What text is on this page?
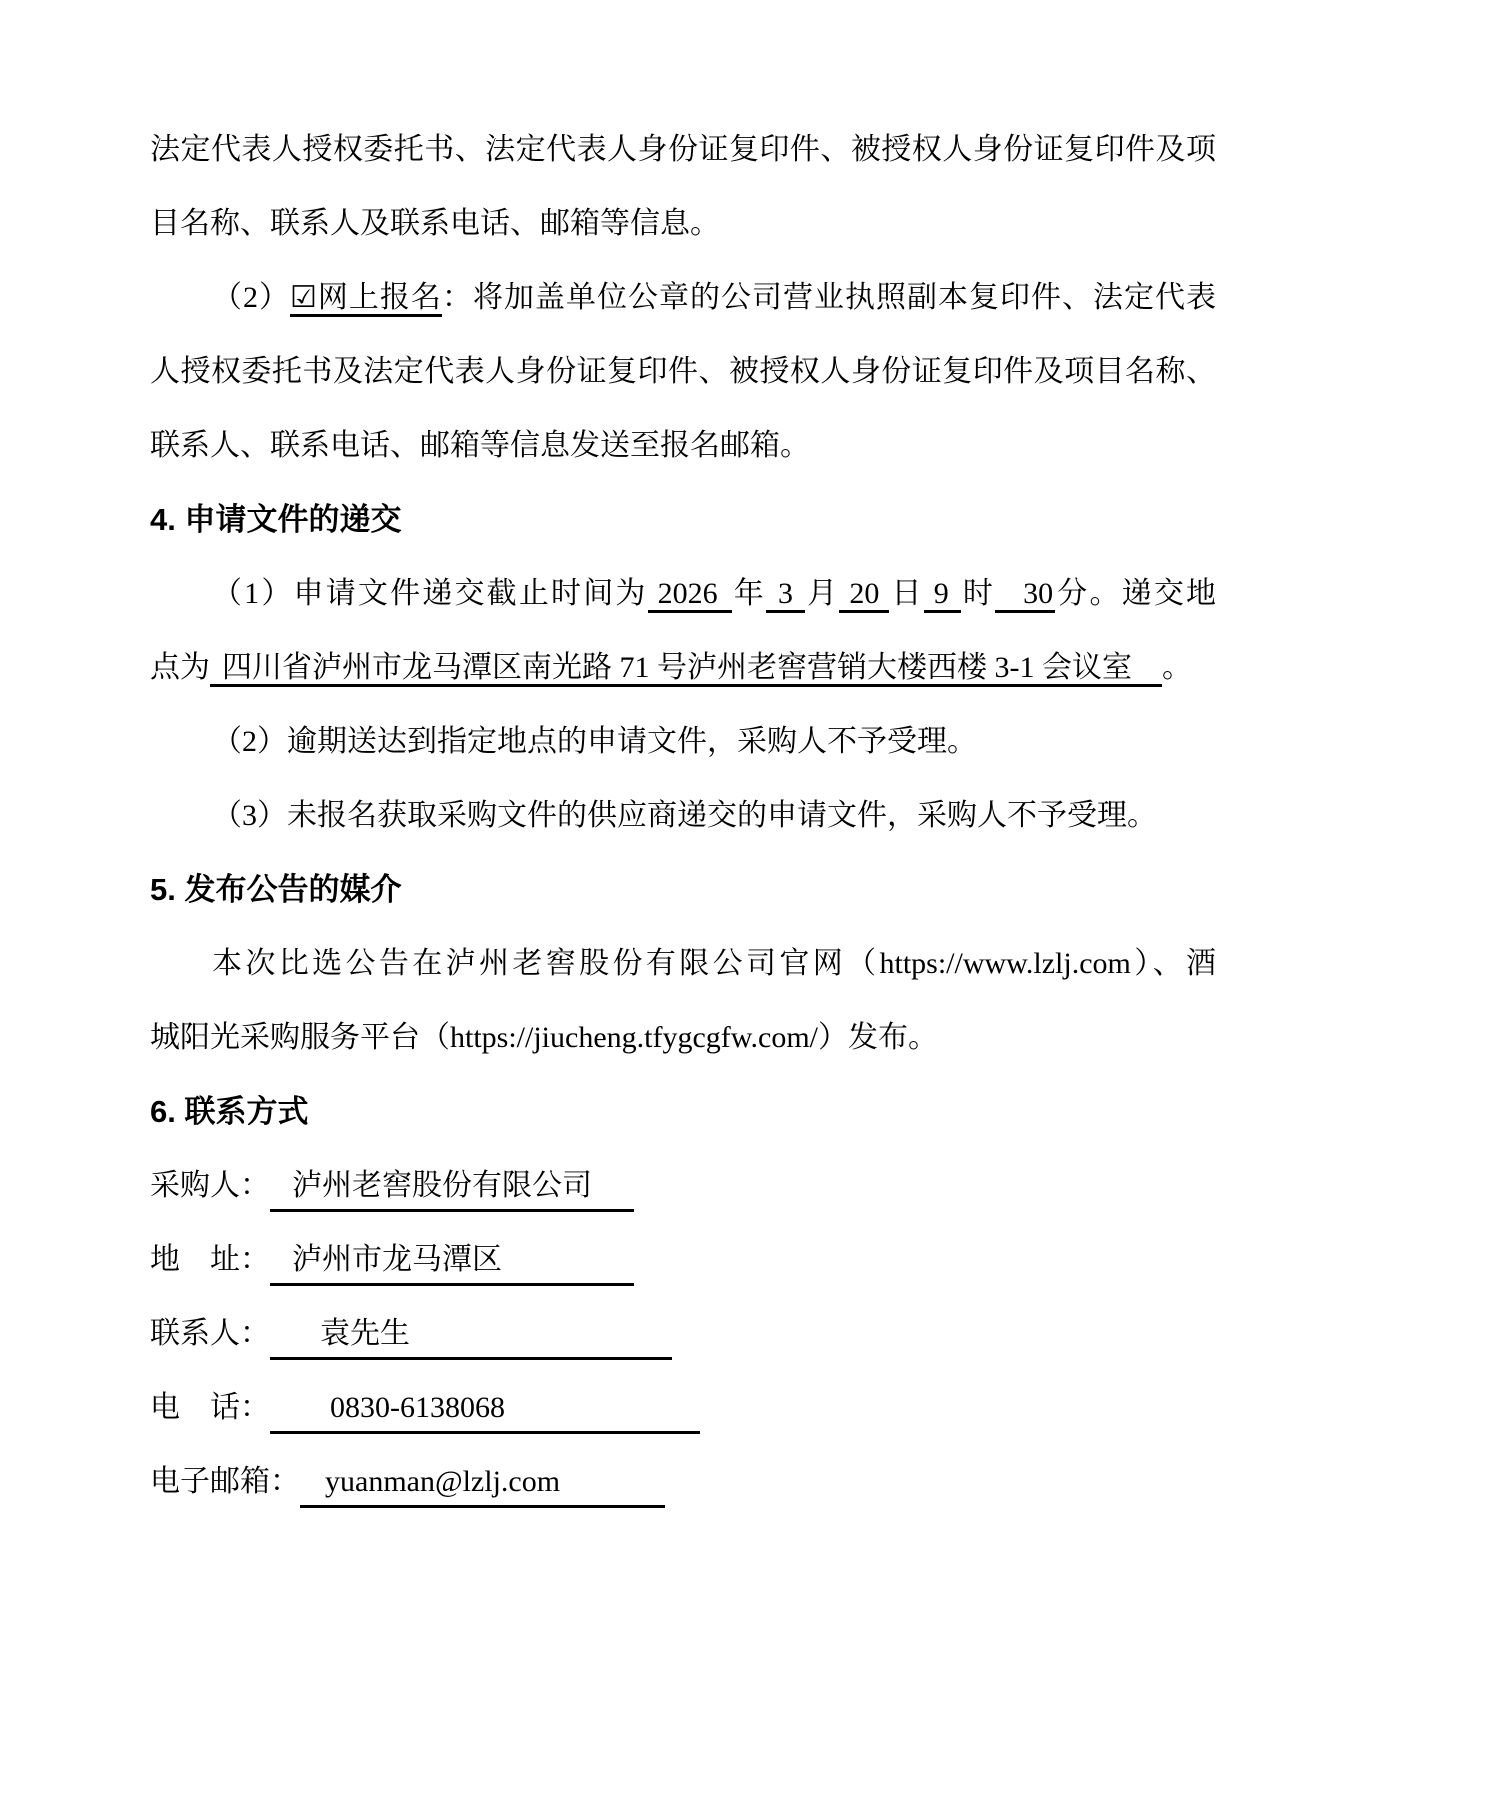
法定代表人授权委托书、法定代表人身份证复印件、被授权人身份证复印件及项
目名称、联系人及联系电话、邮箱等信息。
（2）☑网上报名：将加盖单位公章的公司营业执照副本复印件、法定代表
人授权委托书及法定代表人身份证复印件、被授权人身份证复印件及项目名称、
联系人、联系电话、邮箱等信息发送至报名邮箱。
4. 申请文件的递交
（1）申请文件递交截止时间为 2026 年 3 月 20 日 9 时 30分。递交地
点为 四川省泸州市龙马潭区南光路 71 号泸州老窖营销大楼西楼 3-1 会议室 。
（2）逾期送达到指定地点的申请文件，采购人不予受理。
（3）未报名获取采购文件的供应商递交的申请文件，采购人不予受理。
5. 发布公告的媒介
本次比选公告在泸州老窖股份有限公司官网（https://www.lzlj.com）、酒
城阳光采购服务平台（https://jiucheng.tfygcgfw.com/）发布。
6. 联系方式
采购人： 泸州老窖股份有限公司
地　址： 泸州市龙马潭区
联系人： 袁先生
电　话： 0830-6138068
电子邮箱： yuanman@lzlj.com
